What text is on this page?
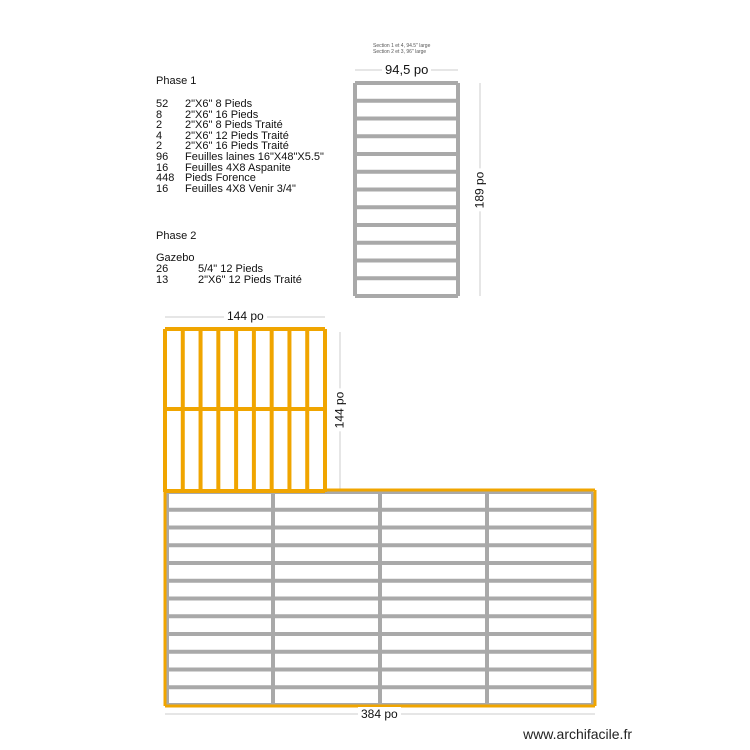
Section 1 et 4, 94.5" large
Section 2 et 3, 96" large
Phase 1
52 2"X6" 8 Pieds
8 2"X6" 16 Pieds
2 2"X6" 8 Pieds Traité
4 2"X6" 12 Pieds Traité
2 2"X6" 16 Pieds Traité
96 Feuilles laines 16"X48"X5.5"
16 Feuilles 4X8 Aspanite
448 Pieds Forence
16 Feuilles 4X8 Venir 3/4"
Phase 2
Gazebo
26	5/4" 12 Pieds
13	2"X6" 12 Pieds Traité
94,5 po
189 po
144 po
144 po
384 po
www.archifacile.fr
